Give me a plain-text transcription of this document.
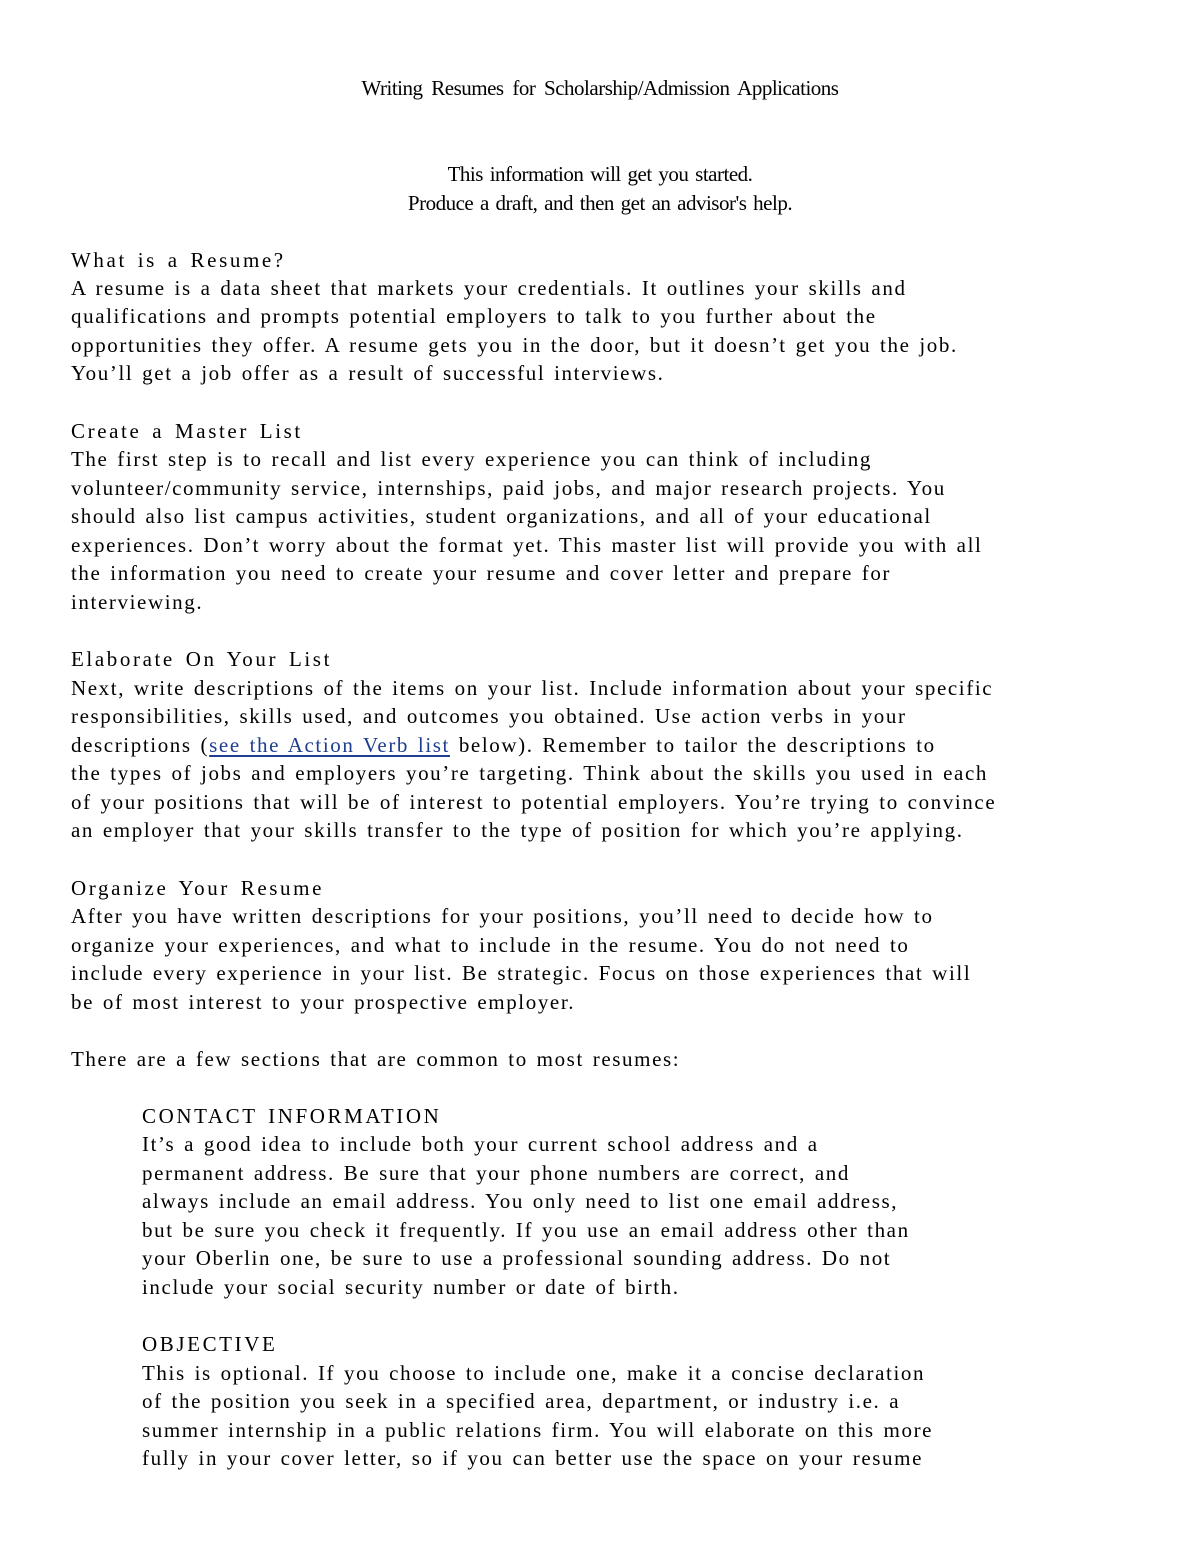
Writing Resumes for Scholarship/Admission Applications
This information will get you started.
Produce a draft, and then get an advisor's help.
What is a Resume?
A resume is a data sheet that markets your credentials. It outlines your skills and
qualifications and prompts potential employers to talk to you further about the
opportunities they offer. A resume gets you in the door, but it doesn’t get you the job.
You’ll get a job offer as a result of successful interviews.
Create a Master List
The first step is to recall and list every experience you can think of including
volunteer/community service, internships, paid jobs, and major research projects. You
should also list campus activities, student organizations, and all of your educational
experiences. Don’t worry about the format yet. This master list will provide you with all
the information you need to create your resume and cover letter and prepare for
interviewing.
Elaborate On Your List
Next, write descriptions of the items on your list. Include information about your specific
responsibilities, skills used, and outcomes you obtained. Use action verbs in your
descriptions (see the Action Verb list below). Remember to tailor the descriptions to
the types of jobs and employers you’re targeting. Think about the skills you used in each
of your positions that will be of interest to potential employers. You’re trying to convince
an employer that your skills transfer to the type of position for which you’re applying.
Organize Your Resume
After you have written descriptions for your positions, you’ll need to decide how to
organize your experiences, and what to include in the resume. You do not need to
include every experience in your list. Be strategic. Focus on those experiences that will
be of most interest to your prospective employer.
There are a few sections that are common to most resumes:
CONTACT INFORMATION
It’s a good idea to include both your current school address and a
permanent address. Be sure that your phone numbers are correct, and
always include an email address. You only need to list one email address,
but be sure you check it frequently. If you use an email address other than
your Oberlin one, be sure to use a professional sounding address. Do not
include your social security number or date of birth.
OBJECTIVE
This is optional. If you choose to include one, make it a concise declaration
of the position you seek in a specified area, department, or industry i.e. a
summer internship in a public relations firm. You will elaborate on this more
fully in your cover letter, so if you can better use the space on your resume
